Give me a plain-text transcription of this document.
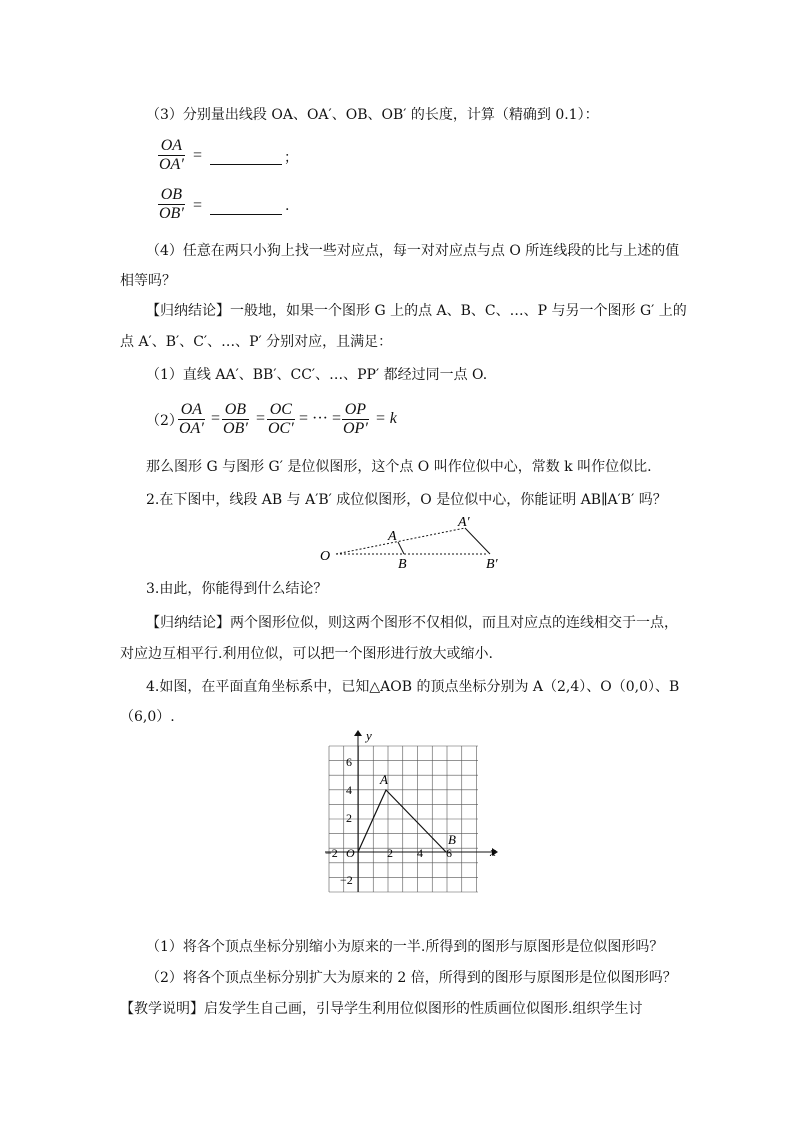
（3）分别量出线段 OA、OA′、OB、OB′ 的长度，计算（精确到 0.1）：
$\frac{OA}{OA'}$ =	；
$\frac{OB}{OB'}$ =	.
（4）任意在两只小狗上找一些对应点，每一对对应点与点 O 所连线段的比与上述的值
相等吗？
【归纳结论】一般地，如果一个图形 G 上的点 A、B、C、…、P 与另一个图形 G′ 上的
点 A′、B′、C′、…、P′ 分别对应，且满足：
（1）直线 AA′、BB′、CC′、…、PP′ 都经过同一点 O.
（2）
$\frac{OA}{OA'} = \frac{OB}{OB'} = \frac{OC}{OC'}$ = ··· =
$\frac{OP}{OP'} = k$
那么图形 G 与图形 G′ 是位似图形，这个点 O 叫作位似中心，常数 k 叫作位似比.
2.在下图中，线段 AB 与 A′B′ 成位似图形，O 是位似中心，你能证明 AB∥A′B′ 吗？
O
A
A′
B	B′
3.由此，你能得到什么结论？
【归纳结论】两个图形位似，则这两个图形不仅相似，而且对应点的连线相交于一点，
对应边互相平行.利用位似，可以把一个图形进行放大或缩小.
4.如图，在平面直角坐标系中，已知△AOB 的顶点坐标分别为 A（2,4）、O（0,0）、B
（6,0）.
x
y
O
−2	2 4 6
6
4
2
−2
A
B
（1）将各个顶点坐标分别缩小为原来的一半.所得到的图形与原图形是位似图形吗？
（2）将各个顶点坐标分别扩大为原来的 2 倍，所得到的图形与原图形是位似图形吗？
【教学说明】启发学生自己画，引导学生利用位似图形的性质画位似图形.组织学生讨
